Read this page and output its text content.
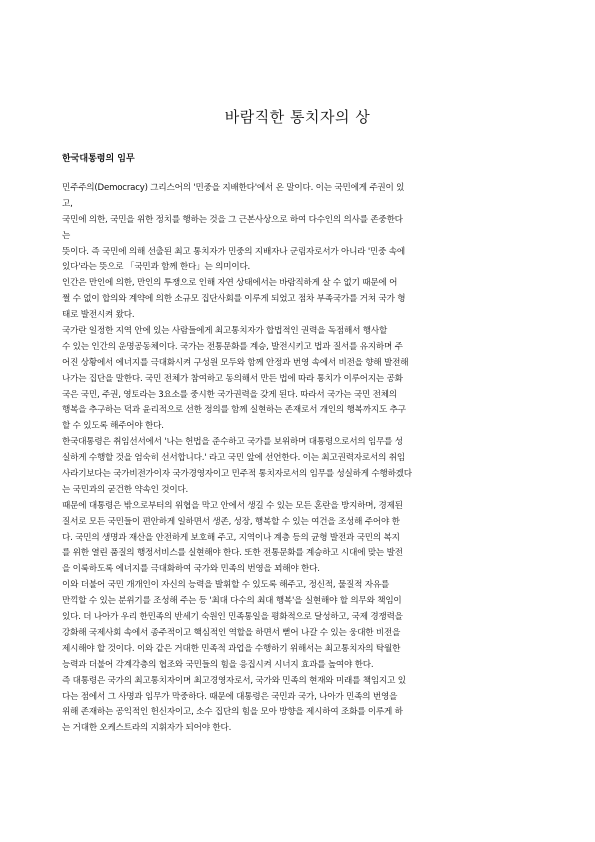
바람직한 통치자의 상
한국대통령의 임무
민주주의(Democracy) 그리스어의 '민중을 지배한다'에서 온 말이다. 이는 국민에게 주권이 있
고,
국민에 의한, 국민을 위한 정치를 행하는 것을 그 근본사상으로 하여 다수인의 의사를 존중한다
는
뜻이다. 즉 국민에 의해 선출된 최고 통치자가 민중의 지배자나 군림자로서가 아니라 '민중 속에
있다'라는 뜻으로 「국민과 함께 한다」는 의미이다.
인간은 만인에 의한, 만인의 투쟁으로 인해 자연 상태에서는 바람직하게 살 수 없기 때문에 어
쩔 수 없이 합의와 계약에 의한 소규모 집단사회를 이루게 되었고 점차 부족국가를 거쳐 국가 형
태로 발전시켜 왔다.
국가란 일정한 지역 안에 있는 사람들에게 최고통치자가 합법적인 권력을 독점해서 행사할
수 있는 인간의 운명공동체이다. 국가는 전통문화를 계승, 발전시키고 법과 질서를 유지하며 주
어진 상황에서 에너지를 극대화시켜 구성원 모두와 함께 안정과 번영 속에서 비전을 향해 발전해
나가는 집단을 말한다. 국민 전체가 참여하고 동의해서 만든 법에 따라 통치가 이루어지는 공화
국은 국민, 주권, 영토라는 3요소를 중시한 국가권력을 갖게 된다. 따라서 국가는 국민 전체의
행복을 추구하는 덕과 윤리적으로 선한 정의를 함께 실현하는 존재로서 개인의 행복까지도 추구
할 수 있도록 해주어야 한다.
한국대통령은 취임선서에서 '나는 헌법을 준수하고 국가를 보위하며 대통령으로서의 임무를 성
실하게 수행할 것을 엄숙히 선서합니다.' 라고 국민 앞에 선언한다. 이는 최고권력자로서의 취임
사라기보다는 국가비전가이자 국가경영자이고 민주적 통치자로서의 임무를 성실하게 수행하겠다
는 국민과의 굳건한 약속인 것이다.
때문에 대통령은 밖으로부터의 위협을 막고 안에서 생길 수 있는 모든 혼란을 방지하며, 경제된
질서로 모든 국민들이 편안하게 일하면서 생존, 성장, 행복할 수 있는 여건을 조성해 주어야 한
다. 국민의 생명과 재산을 안전하게 보호해 주고, 지역이나 계층 등의 균형 발전과 국민의 복지
를 위한 열린 품질의 행정서비스를 실현해야 한다. 또한 전통문화를 계승하고 시대에 맞는 발전
을 이룩하도록 에너지를 극대화하여 국가와 민족의 번영을 꾀해야 한다.
이와 더불어 국민 개개인이 자신의 능력을 발휘할 수 있도록 해주고, 정신적, 물질적 자유를
만끽할 수 있는 분위기를 조성해 주는 등 '최대 다수의 최대 행복'을 실현해야 할 의무와 책임이
있다. 더 나아가 우리 한민족의 반세기 숙원인 민족통일을 평화적으로 달성하고, 국제 경쟁력을
강화해 국제사회 속에서 종주적이고 핵심적인 역할을 하면서 뻗어 나갈 수 있는 웅대한 비전을
제시해야 할 것이다. 이와 같은 거대한 민족적 과업을 수행하기 위해서는 최고통치자의 탁월한
능력과 더불어 각계각층의 협조와 국민들의 힘을 응집시켜 시너지 효과를 높여야 한다.
즉 대통령은 국가의 최고통치자이며 최고경영자로서, 국가와 민족의 현재와 미래를 책임지고 있
다는 점에서 그 사명과 임무가 막중하다. 때문에 대통령은 국민과 국가, 나아가 민족의 번영을
위해 존재하는 공익적인 헌신자이고, 소수 집단의 힘을 모아 방향을 제시하여 조화를 이루게 하
는 거대한 오케스트라의 지휘자가 되어야 한다.
